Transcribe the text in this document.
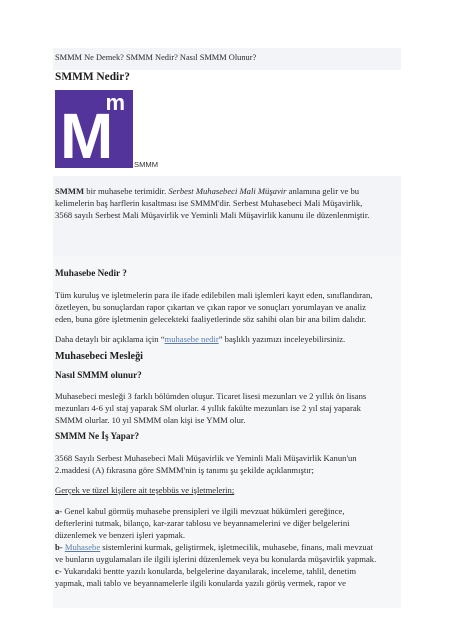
SMMM Ne Demek? SMMM Nedir? Nasıl SMMM Olunur?
SMMM Nedir?
M
m
SMMM
SMMM bir muhasebe terimidir. Serbest Muhasebeci Mali Müşavir anlamına gelir ve bu
kelimelerin baş harflerin kısaltması ise SMMM'dir. Serbest Muhasebeci Mali Müşavirlik,
3568 sayılı Serbest Mali Müşavirlik ve Yeminli Mali Müşavirlik kanunu ile düzenlenmiştir.
Muhasebe Nedir ?
Tüm kuruluş ve işletmelerin para ile ifade edilebilen mali işlemleri kayıt eden, sınıflandıran,
özetleyen, bu sonuçlardan rapor çıkartan ve çıkan rapor ve sonuçları yorumlayan ve analiz
eden, buna göre işletmenin gelecekteki faaliyetlerinde söz sahibi olan bir ana bilim dalıdır.
Daha detaylı bir açıklama için “muhasebe nedir” başlıklı yazımızı inceleyebilirsiniz.
Muhasebeci Mesleği
Nasıl SMMM olunur?
Muhasebeci mesleği 3 farklı bölümden oluşur. Ticaret lisesi mezunları ve 2 yıllık ön lisans
mezunları 4-6 yıl staj yaparak SM olurlar. 4 yıllık fakülte mezunları ise 2 yıl staj yaparak
SMMM olurlar. 10 yıl SMMM olan kişi ise YMM olur.
SMMM Ne İş Yapar?
3568 Sayılı Serbest Muhasebeci Mali Müşavirlik ve Yeminli Mali Müşavirlik Kanun'un
2.maddesi (A) fıkrasına göre SMMM'nin iş tanımı şu şekilde açıklanmıştır;
Gerçek ve tüzel kişilere ait teşebbüs ve işletmelerin;
a- Genel kabul görmüş muhasebe prensipleri ve ilgili mevzuat hükümleri gereğince,
defterlerini tutmak, bilanço, kar-zarar tablosu ve beyannamelerini ve diğer belgelerini
düzenlemek ve benzeri işleri yapmak.
b- Muhasebe sistemlerini kurmak, geliştirmek, işletmecilik, muhasebe, finans, mali mevzuat
ve bunların uygulamaları ile ilgili işlerini düzenlemek veya bu konularda müşavirlik yapmak.
c- Yukarıdaki bentte yazılı konularda, belgelerine dayanılarak, inceleme, tahlil, denetim
yapmak, mali tablo ve beyannamelerle ilgili konularda yazılı görüş vermek, rapor ve
